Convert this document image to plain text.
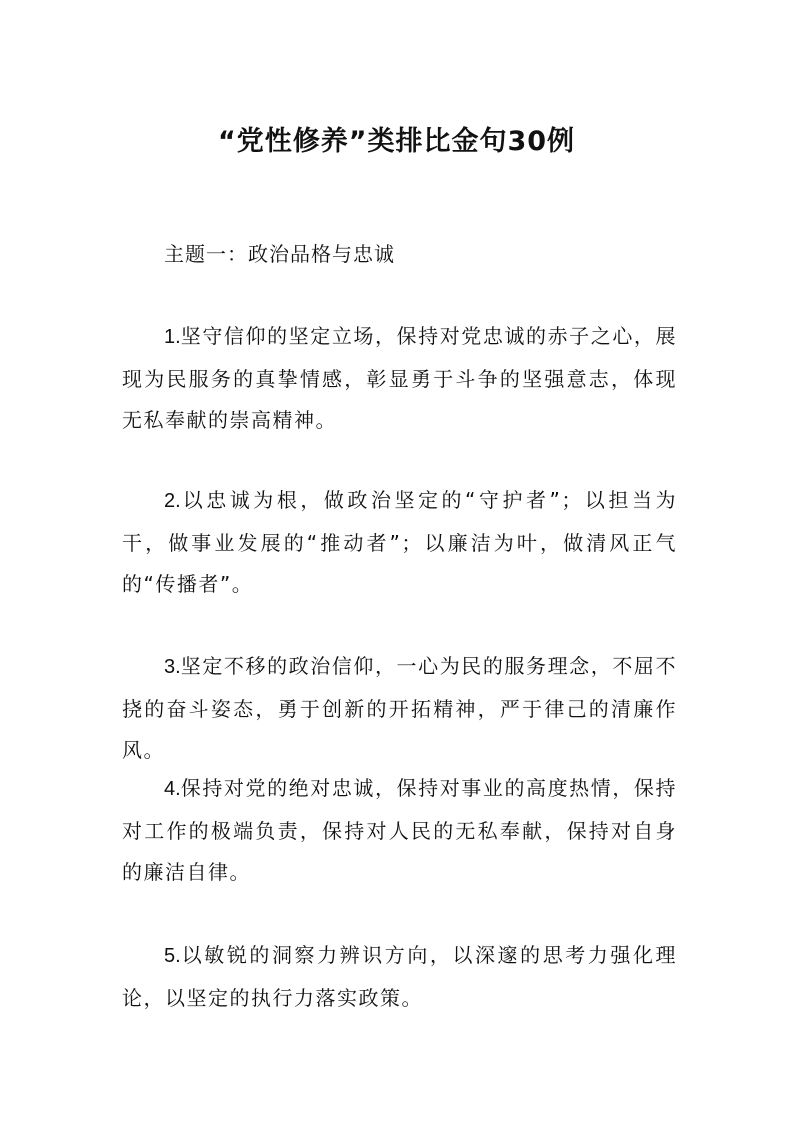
“党性修养”类排比金句30例
主题一：政治品格与忠诚

1.坚守信仰的坚定立场，保持对党忠诚的赤子之心，展现为民服务的真挚情感，彰显勇于斗争的坚强意志，体现无私奉献的崇高精神。

2.以忠诚为根，做政治坚定的“守护者”；以担当为干，做事业发展的“推动者”；以廉洁为叶，做清风正气的“传播者”。

3.坚定不移的政治信仰，一心为民的服务理念，不屈不挠的奋斗姿态，勇于创新的开拓精神，严于律己的清廉作风。

4.保持对党的绝对忠诚，保持对事业的高度热情，保持对工作的极端负责，保持对人民的无私奉献，保持对自身的廉洁自律。

5.以敏锐的洞察力辨识方向，以深邃的思考力强化理论，以坚定的执行力落实政策。
